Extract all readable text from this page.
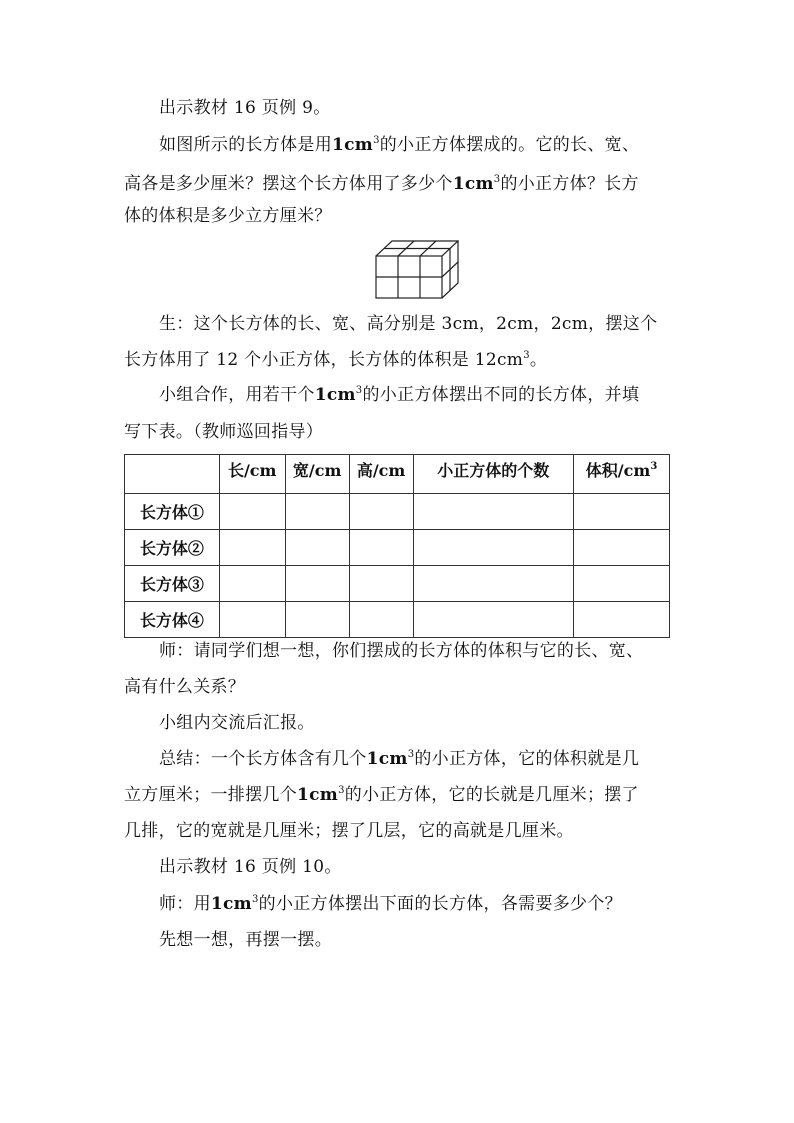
出示教材 16 页例 9。
如图所示的长方体是用$1cm^3$的小正方体摆成的。它的长、宽、
高各是多少厘米？摆这个长方体用了多少个$1cm^3$的小正方体？长方
体的体积是多少立方厘米？
生：这个长方体的长、宽、高分别是 3cm，2cm，2cm，摆这个
长方体用了 12 个小正方体，长方体的体积是 $12cm^3$。
小组合作，用若干个$1cm^3$的小正方体摆出不同的长方体，并填
写下表。（教师巡回指导）
	长/cm	宽/cm	高/cm	小正方体的个数	体积$/cm^3$
长方体①					
长方体②					
长方体③					
长方体④					
师：请同学们想一想，你们摆成的长方体的体积与它的长、宽、
高有什么关系？
小组内交流后汇报。
总结：一个长方体含有几个$1cm^3$的小正方体，它的体积就是几
立方厘米；一排摆几个$1cm^3$的小正方体，它的长就是几厘米；摆了
几排，它的宽就是几厘米；摆了几层，它的高就是几厘米。
出示教材 16 页例 10。
师：用$1cm^3$的小正方体摆出下面的长方体，各需要多少个？
先想一想，再摆一摆。
